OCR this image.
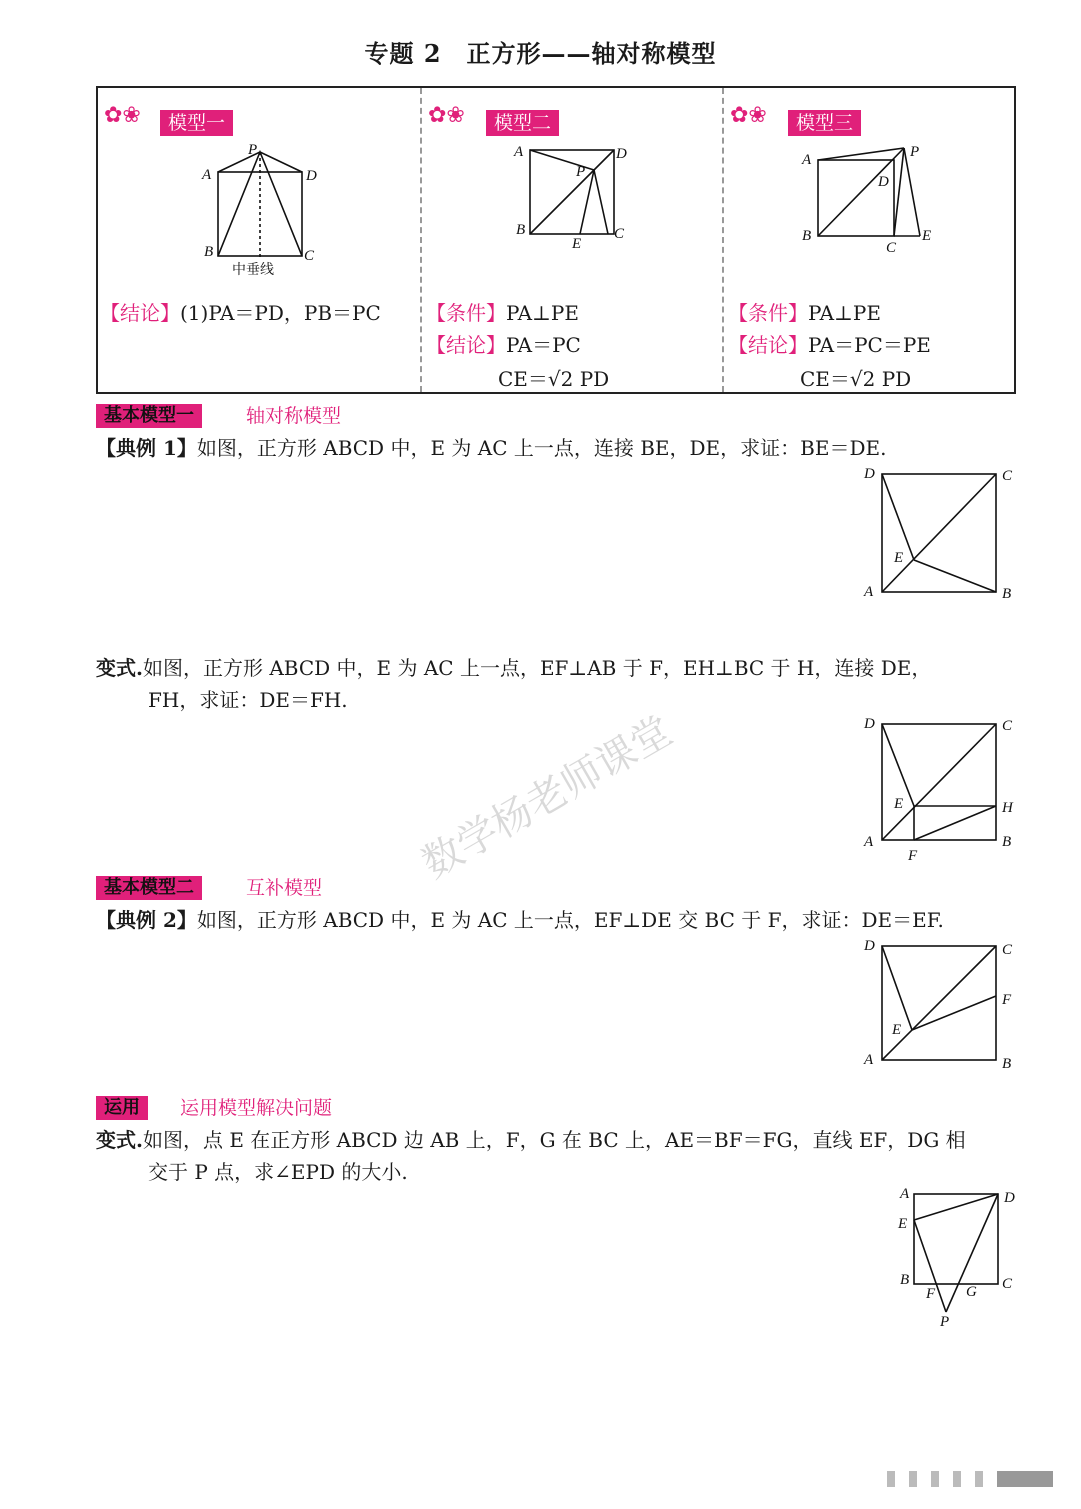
专题 2　正方形——轴对称模型
✿❀	模型一
P
A	D
B	C
中垂线
【结论】(1)PA＝PD，PB＝PC
✿❀	模型二
A	D
P
B	C
E
【条件】PA⊥PE
【结论】PA＝PC
CE＝√2 PD
✿❀	模型三
A	P
D
B
C
E
【条件】PA⊥PE
【结论】PA＝PC＝PE
CE＝√2 PD
基本模型一	轴对称模型
【典例 1】如图，正方形 ABCD 中，E 为 AC 上一点，连接 BE，DE，求证：BE＝DE.
D	C
E
A	B
变式.如图，正方形 ABCD 中，E 为 AC 上一点，EF⊥AB 于 F，EH⊥BC 于 H，连接 DE，
FH，求证：DE＝FH.
数学杨老师课堂	D	C
E	H
A
F
B
基本模型二	互补模型
【典例 2】如图，正方形 ABCD 中，E 为 AC 上一点，EF⊥DE 交 BC 于 F，求证：DE＝EF.
D	C
F
E
A	B
运用	运用模型解决问题
变式.如图，点 E 在正方形 ABCD 边 AB 上，F，G 在 BC 上，AE＝BF＝FG，直线 EF，DG 相
交于 P 点，求∠EPD 的大小.
A	D
E
B	C
F G
P
